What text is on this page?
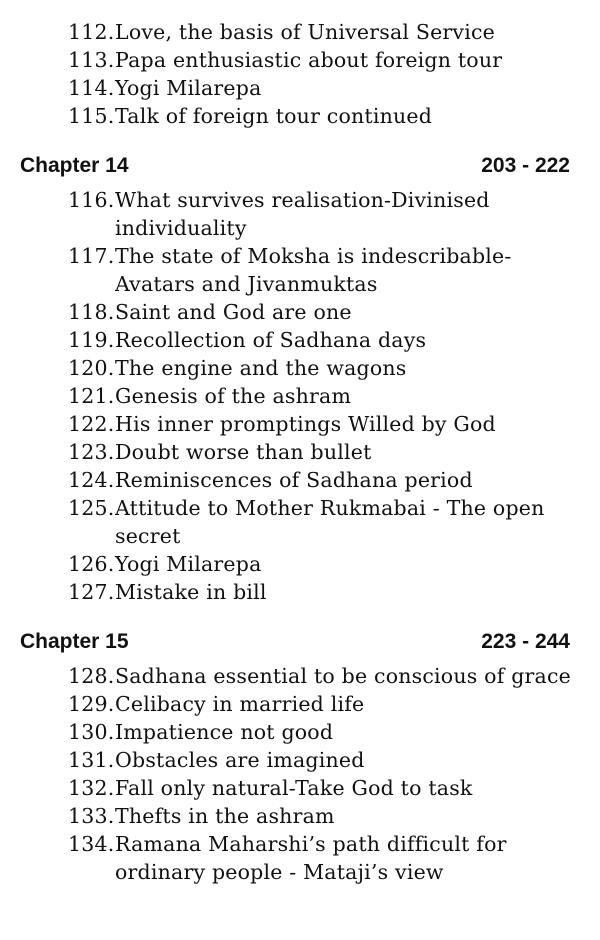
112. Love, the basis of Universal Service
113. Papa enthusiastic about foreign tour
114. Yogi Milarepa
115. Talk of foreign tour continued
Chapter 14	203 - 222
116. What survives realisation-Divinised individuality
117. The state of Moksha is indescribable-Avatars and Jivanmuktas
118. Saint and God are one
119. Recollection of Sadhana days
120. The engine and the wagons
121. Genesis of the ashram
122. His inner promptings Willed by God
123. Doubt worse than bullet
124. Reminiscences of Sadhana period
125. Attitude to Mother Rukmabai - The open secret
126. Yogi Milarepa
127. Mistake in bill
Chapter 15	223 - 244
128. Sadhana essential to be conscious of grace
129. Celibacy in married life
130. Impatience not good
131. Obstacles are imagined
132. Fall only natural-Take God to task
133. Thefts in the ashram
134. Ramana Maharshi’s path difficult for ordinary people - Mataji’s view
